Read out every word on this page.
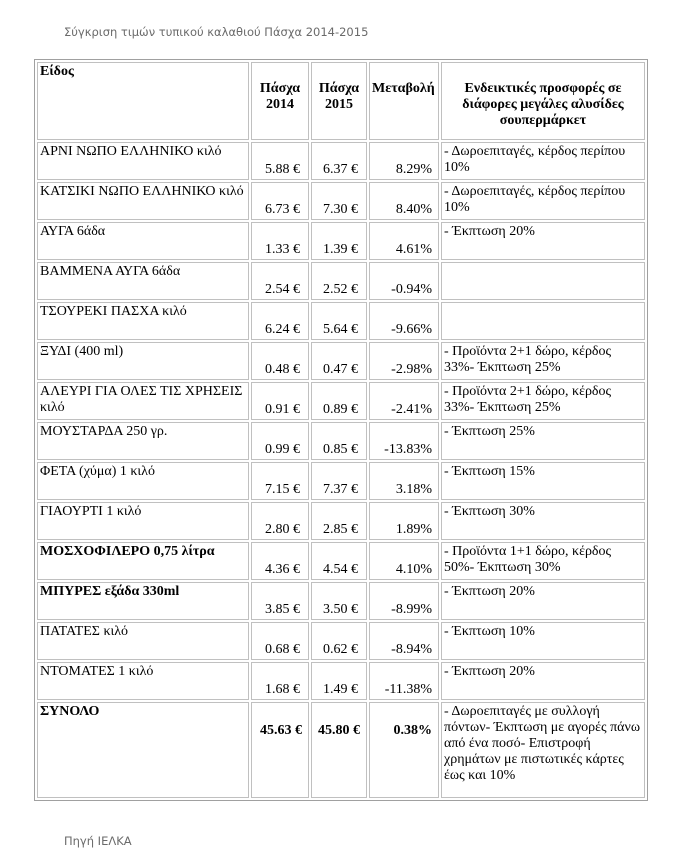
Σύγκριση τιμών τυπικού καλαθιού Πάσχα 2014-2015
Είδος	Πάσχα 2014	Πάσχα 2015	Μεταβολή	Ενδεικτικές προσφορές σε διάφορες μεγάλες αλυσίδες σουπερμάρκετ
ΑΡΝΙ ΝΩΠΟ ΕΛΛΗΝΙΚΟ κιλό	5.88 €	6.37 €	8.29%	- Δωροεπιταγές, κέρδος περίπου 10%
ΚΑΤΣΙΚΙ ΝΩΠΟ ΕΛΛΗΝΙΚΟ κιλό	6.73 €	7.30 €	8.40%	- Δωροεπιταγές, κέρδος περίπου 10%
ΑΥΓΑ 6άδα	1.33 €	1.39 €	4.61%	- Έκπτωση 20%
ΒΑΜΜΕΝΑ ΑΥΓΑ 6άδα	2.54 €	2.52 €	-0.94%	
ΤΣΟΥΡΕΚΙ ΠΑΣΧΑ κιλό	6.24 €	5.64 €	-9.66%	
ΞΥΔΙ (400 ml)	0.48 €	0.47 €	-2.98%	- Προϊόντα 2+1 δώρο, κέρδος 33%- Έκπτωση 25%
ΑΛΕΥΡΙ ΓΙΑ ΟΛΕΣ ΤΙΣ ΧΡΗΣΕΙΣ κιλό	0.91 €	0.89 €	-2.41%	- Προϊόντα 2+1 δώρο, κέρδος 33%- Έκπτωση 25%
ΜΟΥΣΤΑΡΔΑ 250 γρ.	0.99 €	0.85 €	-13.83%	- Έκπτωση 25%
ΦΕΤΑ (χύμα) 1 κιλό	7.15 €	7.37 €	3.18%	- Έκπτωση 15%
ΓΙΑΟΥΡΤΙ 1 κιλό	2.80 €	2.85 €	1.89%	- Έκπτωση 30%
ΜΟΣΧΟΦΙΛΕΡΟ 0,75 λίτρα	4.36 €	4.54 €	4.10%	- Προϊόντα 1+1 δώρο, κέρδος 50%- Έκπτωση 30%
ΜΠΥΡΕΣ εξάδα 330ml	3.85 €	3.50 €	-8.99%	- Έκπτωση 20%
ΠΑΤΑΤΕΣ κιλό	0.68 €	0.62 €	-8.94%	- Έκπτωση 10%
ΝΤΟΜΑΤΕΣ 1 κιλό	1.68 €	1.49 €	-11.38%	- Έκπτωση 20%
ΣΥΝΟΛΟ	45.63 €	45.80 €	0.38%	- Δωροεπιταγές με συλλογή πόντων- Έκπτωση με αγορές πάνω από ένα ποσό- Επιστροφή χρημάτων με πιστωτικές κάρτες έως και 10%
Πηγή ΙΕΛΚΑ
